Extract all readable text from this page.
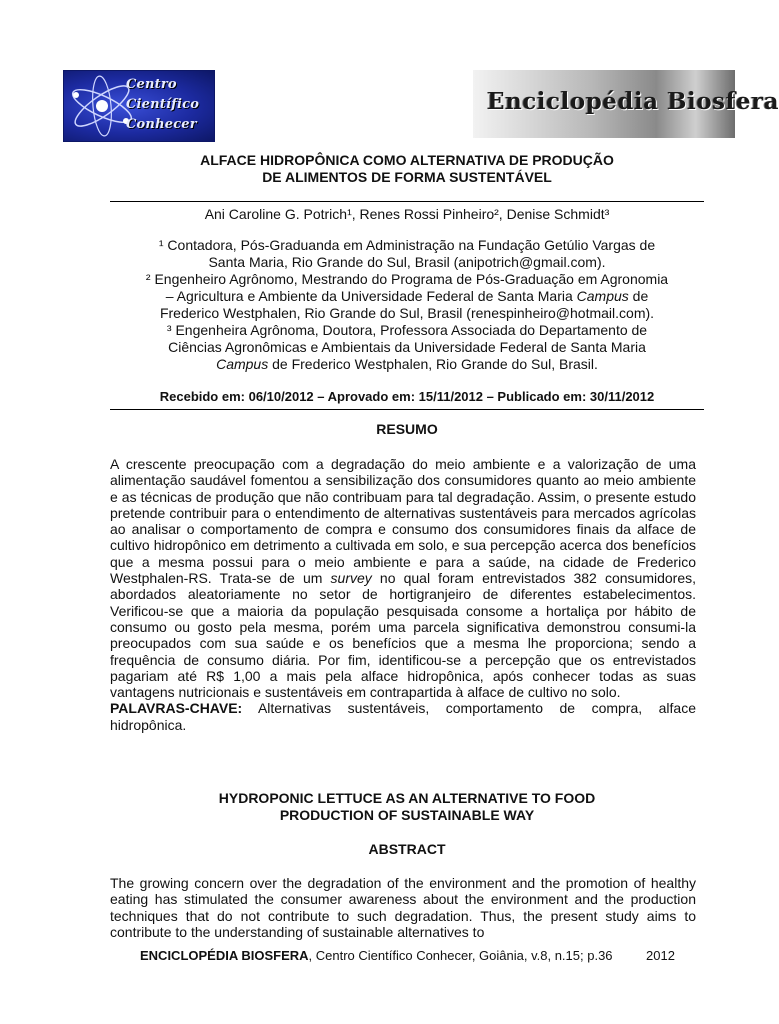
Centro
Científico
Conhecer
Enciclopédia Biosfera
ALFACE HIDROPÔNICA COMO ALTERNATIVA DE PRODUÇÃO
DE ALIMENTOS DE FORMA SUSTENTÁVEL
Ani Caroline G. Potrich¹, Renes Rossi Pinheiro², Denise Schmidt³
¹ Contadora, Pós-Graduanda em Administração na Fundação Getúlio Vargas de
Santa Maria, Rio Grande do Sul, Brasil (anipotrich@gmail.com).
² Engenheiro Agrônomo, Mestrando do Programa de Pós-Graduação em Agronomia
– Agricultura e Ambiente da Universidade Federal de Santa Maria Campus de
Frederico Westphalen, Rio Grande do Sul, Brasil (renespinheiro@hotmail.com).
³ Engenheira Agrônoma, Doutora, Professora Associada do Departamento de
Ciências Agronômicas e Ambientais da Universidade Federal de Santa Maria
Campus de Frederico Westphalen, Rio Grande do Sul, Brasil.
Recebido em: 06/10/2012 – Aprovado em: 15/11/2012 – Publicado em: 30/11/2012
RESUMO
A crescente preocupação com a degradação do meio ambiente e a valorização de uma alimentação saudável fomentou a sensibilização dos consumidores quanto ao meio ambiente e as técnicas de produção que não contribuam para tal degradação. Assim, o presente estudo pretende contribuir para o entendimento de alternativas sustentáveis para mercados agrícolas ao analisar o comportamento de compra e consumo dos consumidores finais da alface de cultivo hidropônico em detrimento a cultivada em solo, e sua percepção acerca dos benefícios que a mesma possui para o meio ambiente e para a saúde, na cidade de Frederico Westphalen-RS. Trata-se de um survey no qual foram entrevistados 382 consumidores, abordados aleatoriamente no setor de hortigranjeiro de diferentes estabelecimentos. Verificou-se que a maioria da população pesquisada consome a hortaliça por hábito de consumo ou gosto pela mesma, porém uma parcela significativa demonstrou consumi-la preocupados com sua saúde e os benefícios que a mesma lhe proporciona; sendo a frequência de consumo diária. Por fim, identificou-se a percepção que os entrevistados pagariam até R$ 1,00 a mais pela alface hidropônica, após conhecer todas as suas vantagens nutricionais e sustentáveis em contrapartida à alface de cultivo no solo.
PALAVRAS-CHAVE: Alternativas sustentáveis, comportamento de compra, alface hidropônica.
HYDROPONIC LETTUCE AS AN ALTERNATIVE TO FOOD
PRODUCTION OF SUSTAINABLE WAY
ABSTRACT
The growing concern over the degradation of the environment and the promotion of healthy eating has stimulated the consumer awareness about the environment and the production techniques that do not contribute to such degradation. Thus, the present study aims to contribute to the understanding of sustainable alternatives to
ENCICLOPÉDIA BIOSFERA, Centro Científico Conhecer, Goiânia, v.8, n.15; p.36	2012
